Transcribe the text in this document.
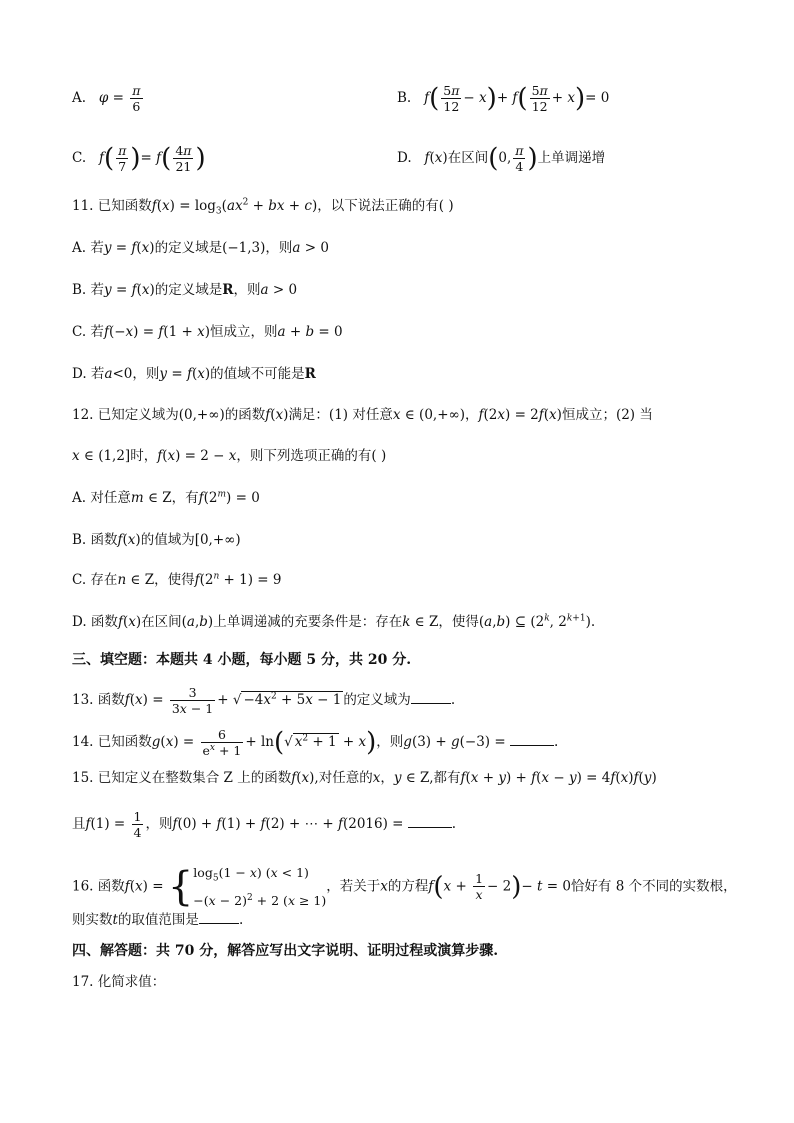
A. $\varphi = \frac{\pi}{6}$	B. $f( \frac{5\pi}{12} - x)+ f( \frac{5\pi}{12} + x)= 0$
C. $f( \frac{\pi}{7}$ )= $f( \frac{4\pi}{21}$ )	D. f(x)在区间(0, $\frac{\pi}{4}$ )上单调递增
11. 已知函数$f(x) = \log_3(ax^2$ + bx + c)，以下说法正确的有( )
A. 若y = f(x)的定义域是(−1,3)，则a > 0
B. 若y = f(x)的定义域是R，则a > 0
C. 若f(−x) = f(1 + x)恒成立，则a + b = 0
D. 若a<0，则y = f(x)的值域不可能是R
12. 已知定义域为(0,+∞)的函数f(x)满足：(1) 对任意x ∈ (0,+∞)，f(2x) = 2f(x)恒成立；(2) 当
x ∈ (1,2]时，f(x) = 2 − x，则下列选项正确的有( )
A. 对任意m ∈ Z，有$f(2^m) = 0$
B. 函数f(x)的值域为[0,+∞)
C. 存在n ∈ Z，使得$f(2^n + 1) = 9$
D. 函数f(x)在区间(a,b)上单调递减的充要条件是：存在k ∈ Z，使得(a,b) ⊆ (2$^k$, $2^{k+1}$).
三、填空题：本题共 4 小题，每小题 5 分，共 20 分.
13. 函数$f(x) = \frac{3}{3x - 1}$ + √ $-4x^2 + 5x - 1$ 的定义域为	.
14. 已知函数$g(x) = \frac{6}{e^x + 1} + \ln(√$ $x^2 + 1 + x$)，则g(3) + g(−3) =	.
15. 已知定义在整数集合 Z 上的函数f(x),对任意的x，y ∈ Z,都有f(x + y) + f(x − y) = 4f(x)f(y)
且$f(1) = \frac{1}{4}$ ，则f(0) + f(1) + f(2) + ⋯ + f(2016) =	.
16. 函数f(x) = { $\log_5(1 - x) (x < 1)$
$-(x - 2)^2 + 2$ (x ≥ 1)
，若关于x的方程$f(x + \frac{1}{x} - 2)- t = 0$恰好有 8 个不同的实数根，
则实数t的取值范围是	.
四、解答题：共 70 分，解答应写出文字说明、证明过程或演算步骤.
17. 化简求值：
